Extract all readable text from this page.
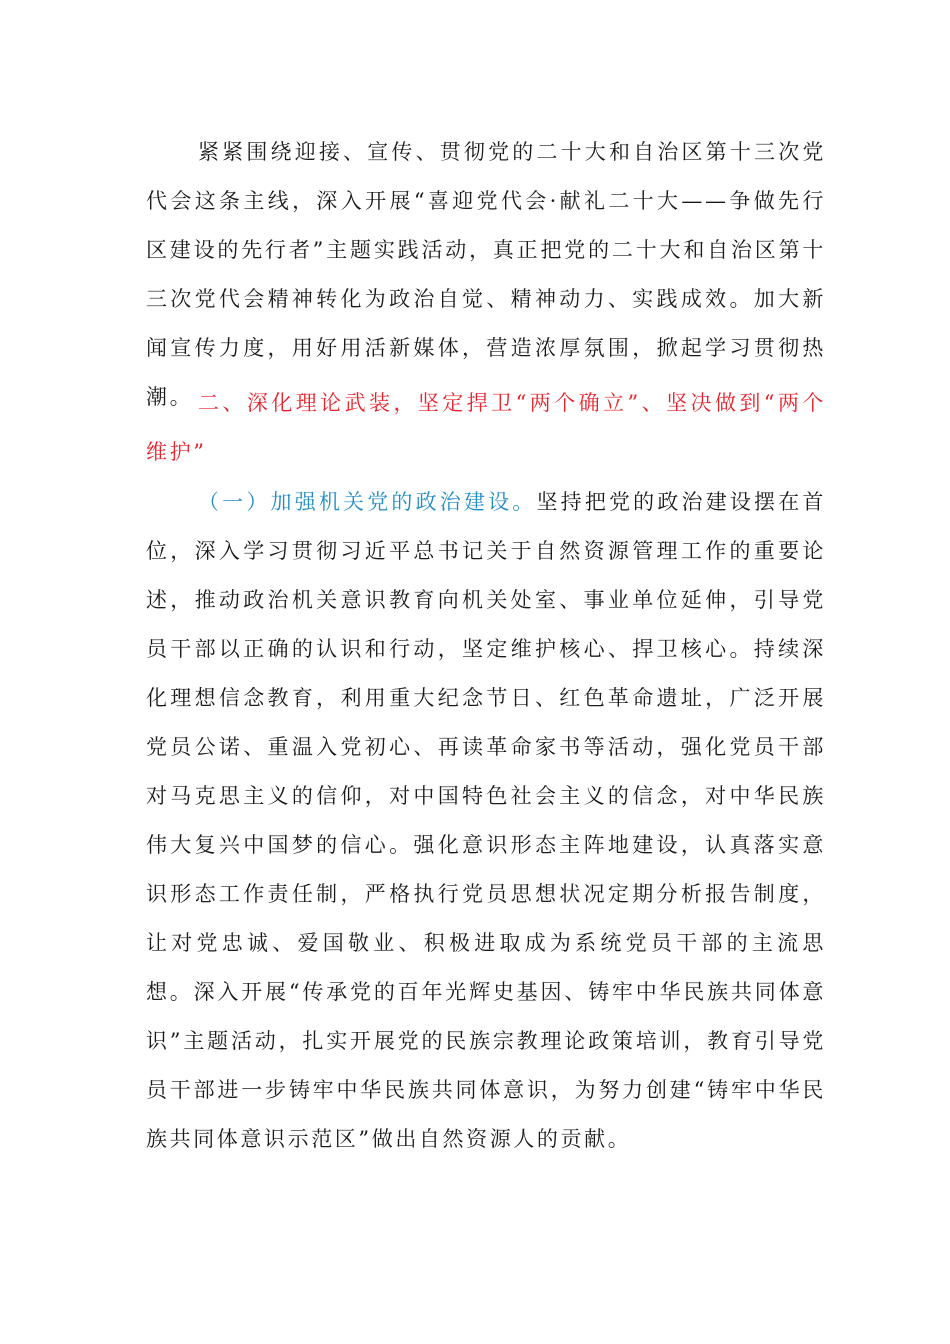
紧紧围绕迎接、宣传、贯彻党的二十大和自治区第十三次党代会这条主线，深入开展“喜迎党代会·献礼二十大——争做先行区建设的先行者”主题实践活动，真正把党的二十大和自治区第十三次党代会精神转化为政治自觉、精神动力、实践成效。加大新闻宣传力度，用好用活新媒体，营造浓厚氛围，掀起学习贯彻热潮。 二、深化理论武装，坚定捍卫“两个确立”、坚决做到“两个维护”

（一）加强机关党的政治建设。坚持把党的政治建设摆在首位，深入学习贯彻习近平总书记关于自然资源管理工作的重要论述，推动政治机关意识教育向机关处室、事业单位延伸，引导党员干部以正确的认识和行动，坚定维护核心、捍卫核心。持续深化理想信念教育，利用重大纪念节日、红色革命遗址，广泛开展党员公诺、重温入党初心、再读革命家书等活动，强化党员干部对马克思主义的信仰，对中国特色社会主义的信念，对中华民族伟大复兴中国梦的信心。强化意识形态主阵地建设，认真落实意识形态工作责任制，严格执行党员思想状况定期分析报告制度，让对党忠诚、爱国敬业、积极进取成为系统党员干部的主流思想。深入开展“传承党的百年光辉史基因、铸牢中华民族共同体意识”主题活动，扎实开展党的民族宗教理论政策培训，教育引导党员干部进一步铸牢中华民族共同体意识，为努力创建“铸牢中华民族共同体意识示范区”做出自然资源人的贡献。
